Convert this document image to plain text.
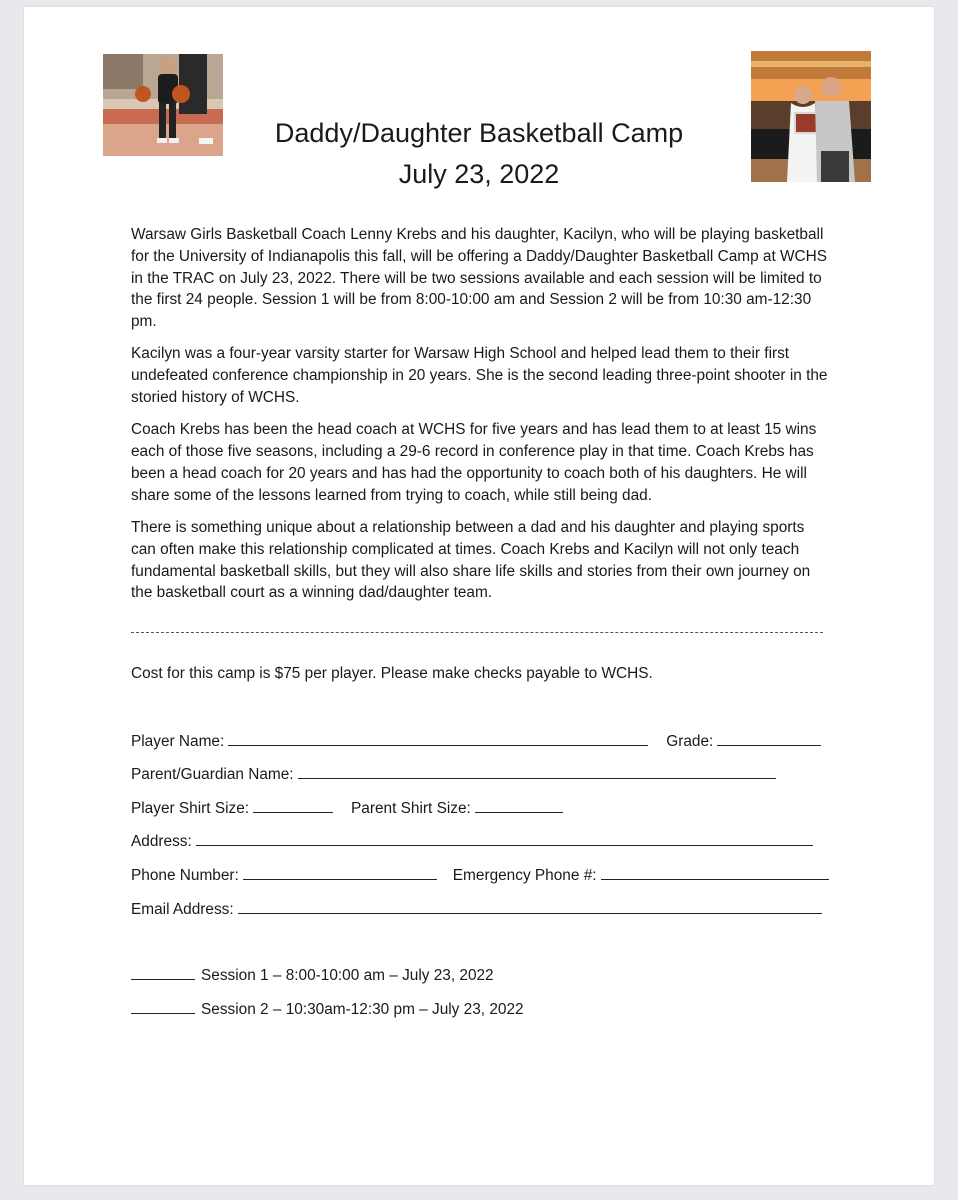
Daddy/Daughter Basketball Camp
July 23, 2022

Warsaw Girls Basketball Coach Lenny Krebs and his daughter, Kacilyn, who will be playing basketball for the University of Indianapolis this fall, will be offering a Daddy/Daughter Basketball Camp at WCHS in the TRAC on July 23, 2022. There will be two sessions available and each session will be limited to the first 24 people. Session 1 will be from 8:00-10:00 am and Session 2 will be from 10:30 am-12:30 pm.

Kacilyn was a four-year varsity starter for Warsaw High School and helped lead them to their first undefeated conference championship in 20 years. She is the second leading three-point shooter in the storied history of WCHS.

Coach Krebs has been the head coach at WCHS for five years and has lead them to at least 15 wins each of those five seasons, including a 29-6 record in conference play in that time. Coach Krebs has been a head coach for 20 years and has had the opportunity to coach both of his daughters. He will share some of the lessons learned from trying to coach, while still being dad.

There is something unique about a relationship between a dad and his daughter and playing sports can often make this relationship complicated at times. Coach Krebs and Kacilyn will not only teach fundamental basketball skills, but they will also share life skills and stories from their own journey on the basketball court as a winning dad/daughter team.

Cost for this camp is $75 per player. Please make checks payable to WCHS.
Player Name:	Grade:
Parent/Guardian Name:
Player Shirt Size:	Parent Shirt Size:
Address:
Phone Number:	Emergency Phone #:
Email Address:
Session 1 – 8:00-10:00 am – July 23, 2022
Session 2 – 10:30am-12:30 pm – July 23, 2022
